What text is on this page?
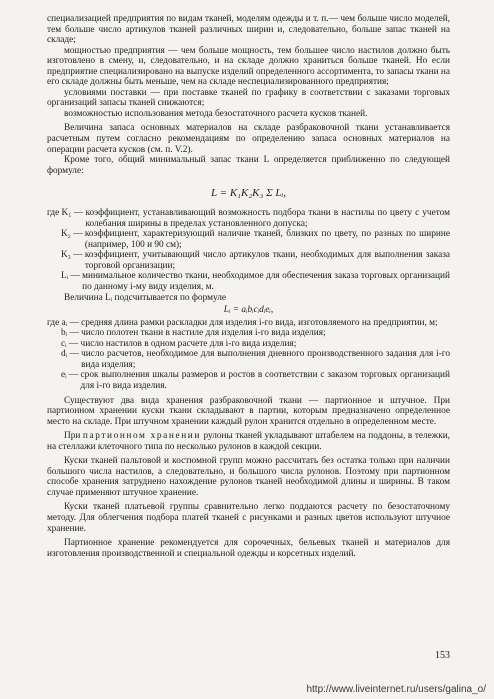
специализацией предприятия по видам тканей, моделям одежды и т. п.— чем больше число моделей, тем больше число артикулов тканей различных ширин и, следовательно, больше запас тканей на складе;

мощностью предприятия — чем больше мощность, тем большее число настилов должно быть изготовлено в смену, и, следовательно, и на складе должно храниться больше тканей. Но если предприятие специализировано на выпуске изделий определенного ассортимента, то запасы ткани на его складе должны быть меньше, чем на складе неспециализированного предприятия;

условиями поставки — при поставке тканей по графику в соответствии с заказами торговых организаций запасы тканей снижаются;

возможностью использования метода безостаточного расчета кусков тканей.

Величина запаса основных материалов на складе разбраковочной ткани устанавливается расчетным путем согласно рекомендациям по определению запаса основных материалов на операции расчета кусков (см. п. V.2).

Кроме того, общий минимальный запас ткани L определяется приближенно по следующей формуле:

L = K₁K₂K₃ Σ Lᵢ,
где K₁ — коэффициент, устанавливающий возможность подбора ткани в настилы по цвету с учетом колебания ширины в пределах установленного допуска;
K₂ — коэффициент, характеризующий наличие тканей, близких по цвету, по разных по ширине (например, 100 и 90 см);
K₃ — коэффициент, учитывающий число артикулов ткани, необходимых для выполнения заказа торговой организации;
Lᵢ — минимальное количество ткани, необходимое для обеспечения заказа торговых организаций по данному i-му виду изделия, м.

Величина Lᵢ подсчитывается по формуле

Lᵢ = aᵢbᵢcᵢdᵢeᵢ,
где aᵢ — средняя длина рамки раскладки для изделия i-го вида, изготовляемого на предприятии, м;
bᵢ — число полотен ткани в настиле для изделия i-го вида изделия;
cᵢ — число настилов в одном расчете для i-го вида изделия;
dᵢ — число расчетов, необходимое для выполнения дневного производственного задания для i-го вида изделия;
eᵢ — срок выполнения шкалы размеров и ростов в соответствии с заказом торговых организаций для i-го вида изделия.

Существуют два вида хранения разбраковочной ткани — партионное и штучное. При партионном хранении куски ткани складывают в партии, которым предназначено определенное место на складе. При штучном хранении каждый рулон хранится отдельно в определенном месте.

При партионном хранении рулоны тканей укладывают штабелем на поддоны, в тележки, на стеллажи клеточного типа по несколько рулонов в каждой секции.

Куски тканей пальтовой и костюмной групп можно рассчитать без остатка только при наличии большого числа настилов, а следовательно, и большого числа рулонов. Поэтому при партионном способе хранения затруднено нахождение рулонов тканей необходимой длины и ширины. В таком случае применяют штучное хранение.

Куски тканей платьевой группы сравнительно легко поддаются расчету по безостаточному методу. Для облегчения подбора платей тканей с рисунками и разных цветов используют штучное хранение.

Партионное хранение рекомендуется для сорочечных, бельевых тканей и материалов для изготовления производственной и специальной одежды и корсетных изделий.

153
http://www.liveinternet.ru/users/galina_o/
